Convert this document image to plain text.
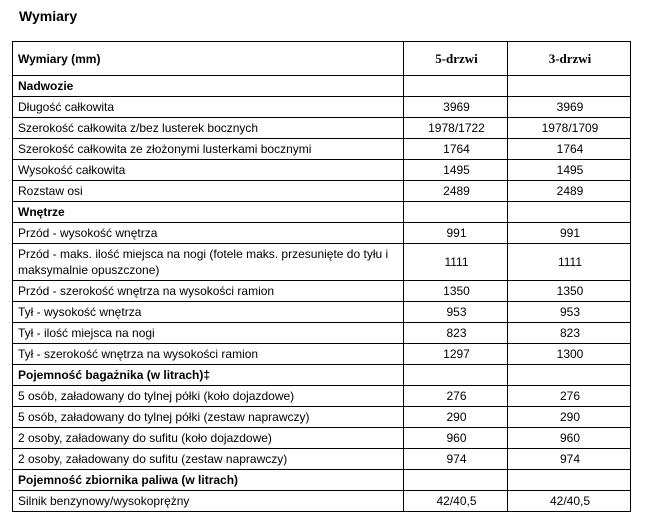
Wymiary
Wymiary (mm)	5-drzwi	3-drzwi
Nadwozie		
Długość całkowita	3969	3969
Szerokość całkowita z/bez lusterek bocznych	1978/1722	1978/1709
Szerokość całkowita ze złożonymi lusterkami bocznymi	1764	1764
Wysokość całkowita	1495	1495
Rozstaw osi	2489	2489
Wnętrze		
Przód - wysokość wnętrza	991	991
Przód - maks. ilość miejsca na nogi (fotele maks. przesunięte do tyłu i maksymalnie opuszczone)	1111	1111
Przód - szerokość wnętrza na wysokości ramion	1350	1350
Tył - wysokość wnętrza	953	953
Tył - ilość miejsca na nogi	823	823
Tył - szerokość wnętrza na wysokości ramion	1297	1300
Pojemność bagażnika (w litrach)‡		
5 osób, załadowany do tylnej półki (koło dojazdowe)	276	276
5 osób, załadowany do tylnej półki (zestaw naprawczy)	290	290
2 osoby, załadowany do sufitu (koło dojazdowe)	960	960
2 osoby, załadowany do sufitu (zestaw naprawczy)	974	974
Pojemność zbiornika paliwa (w litrach)		
Silnik benzynowy/wysokoprężny	42/40,5	42/40,5
